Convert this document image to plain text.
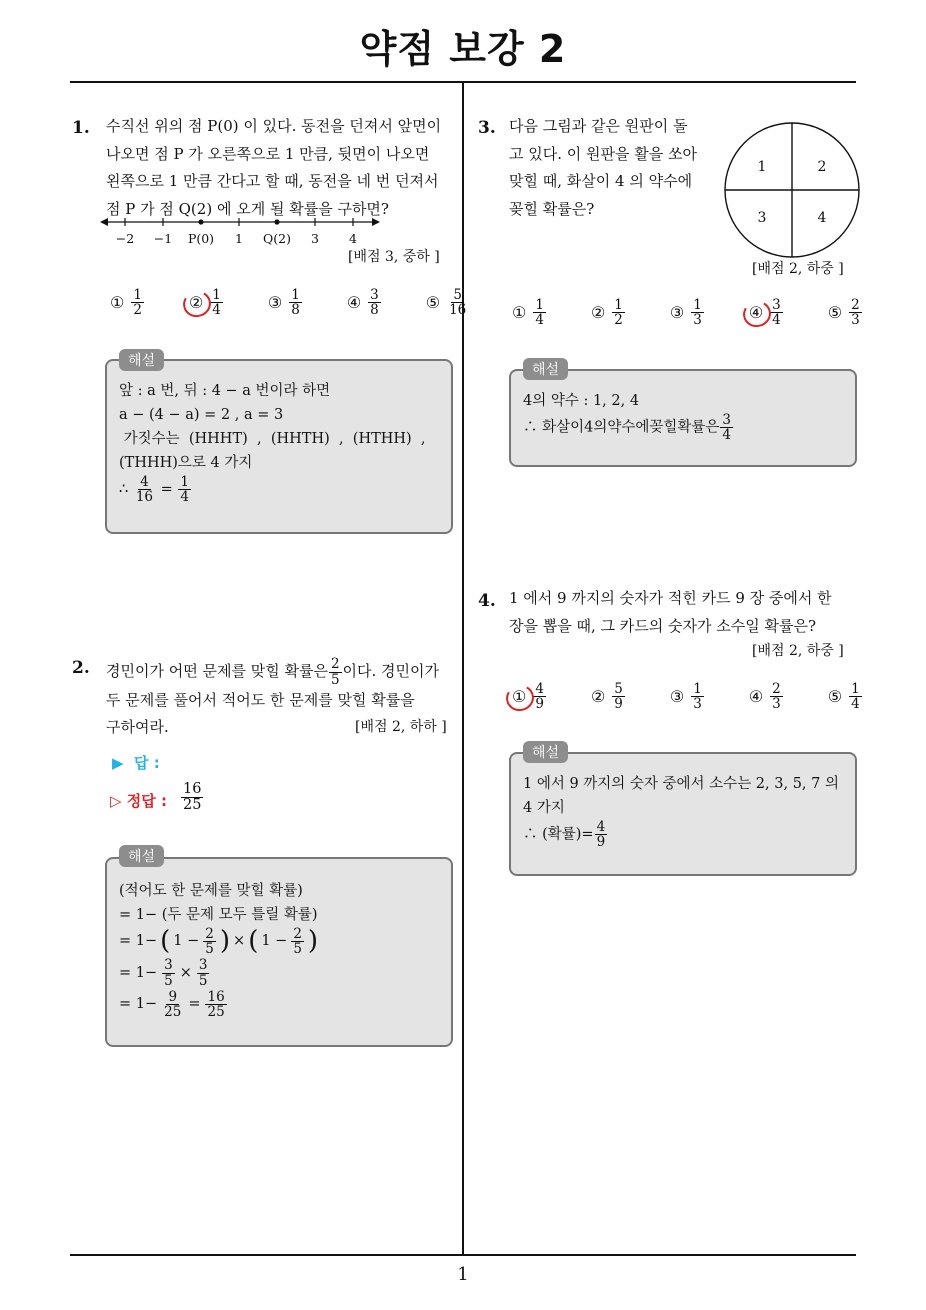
약점 보강 2
1
1. 수직선 위의 점 P(0) 이 있다. 동전을 던져서 앞면이
나오면 점 P 가 오른쪽으로 1 만큼, 뒷면이 나오면
왼쪽으로 1 만큼 간다고 할 때, 동전을 네 번 던져서
점 P 가 점 Q(2) 에 오게 될 확률을 구하면?
−2 −1 P(0) 1 Q(2) 3 4
[배점 3, 중하 ]
① $\frac{1}{2}$	② $\frac{1}{4}$	③ $\frac{1}{8}$	④ $\frac{3}{8}$	⑤ $\frac{5}{16}$
앞 : a 번, 뒤 : 4 − a 번이라 하면
a − (4 − a) = 2 , a = 3
가짓수는  (HHHT)  ,  (HHTH)  ,  (HTHH)  ,
(THHH)으로 4 가지
∴ $\frac{4}{16} = \frac{1}{4}$
해설
2. 경민이가 어떤 문제를 맞힐 확률은 $\frac{2}{5}$ 이다. 경민이가
두 문제를 풀어서 적어도 한 문제를 맞힐 확률을
구하여라.	[배점 2, 하하 ]
▶  답 :
▷ 정답 : $\frac{16}{25}$
(적어도 한 문제를 맞힐 확률)
= 1− (두 문제 모두 틀릴 확률)
= 1− ( $1 - \frac{2}{5}$ ) × ( $1 - \frac{2}{5}$ )
= $1- \frac{3}{5} \times \frac{3}{5}$
= $1- \frac{9}{25} = \frac{16}{25}$
해설
3. 다음 그림과 같은 원판이 돌
고 있다. 이 원판을 활을 쏘아
맞힐 때, 화살이 4 의 약수에
꽂힐 확률은?
1	2
3	4
[배점 2, 하중 ]
① $\frac{1}{4}$	② $\frac{1}{2}$	③ $\frac{1}{3}$	④ $\frac{3}{4}$	⑤ $\frac{2}{3}$
4의 약수 : 1, 2, 4
∴ 화살이4의약수에꽂힐확률은 $\frac{3}{4}$
해설
4. 1 에서 9 까지의 숫자가 적힌 카드 9 장 중에서 한
장을 뽑을 때, 그 카드의 숫자가 소수일 확률은?
[배점 2, 하중 ]
① $\frac{4}{9}$	② $\frac{5}{9}$	③ $\frac{1}{3}$	④ $\frac{2}{3}$	⑤ $\frac{1}{4}$
1 에서 9 까지의 숫자 중에서 소수는 2, 3, 5, 7 의
4 가지
∴ (확률)= $\frac{4}{9}$
해설
